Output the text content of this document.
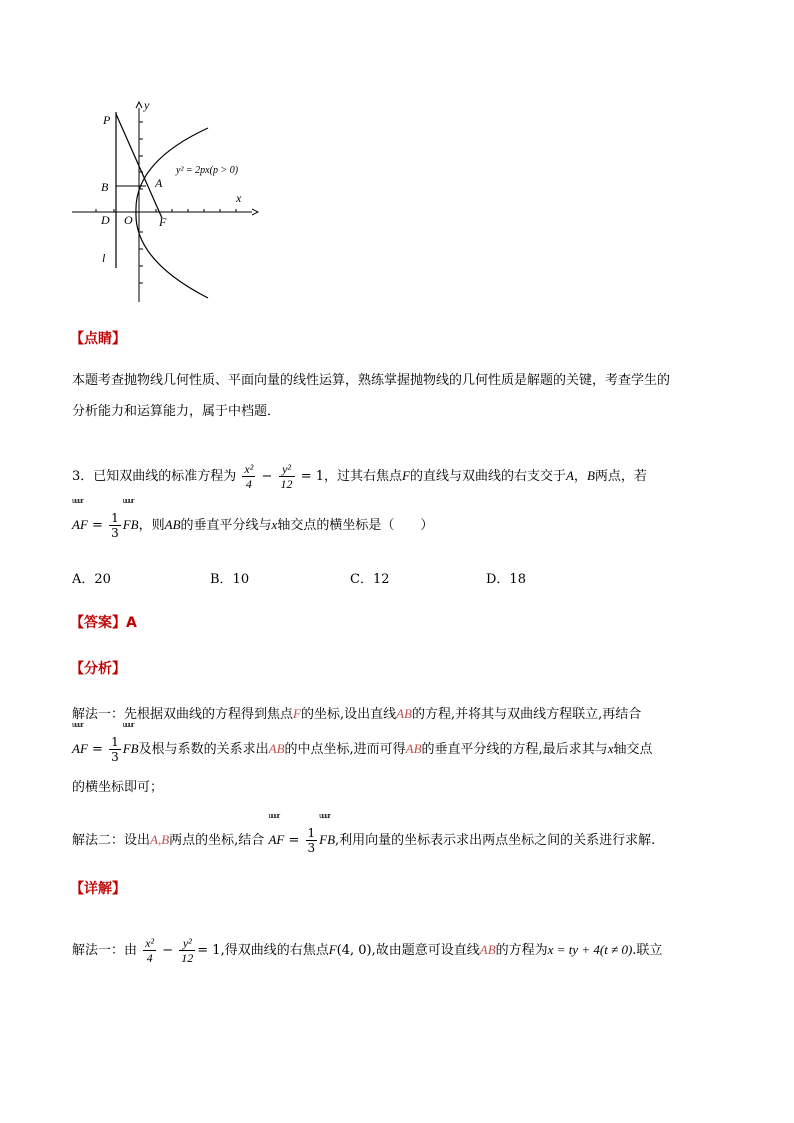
y
x
P
B	A
D O F
l
y² = 2px(p > 0)
【点睛】
本题考查抛物线几何性质、平面向量的线性运算，熟练掌握抛物线的几何性质是解题的关键，考查学生的
分析能力和运算能力，属于中档题．
3．已知双曲线的标准方程为 $\frac{\text{x²}}{4} - \frac{\text{y²}}{12} = 1$，过其右焦点F的直线与双曲线的右支交于A，B两点，若
uuur
AF = $\frac{1}{3}$
uuur
FB，则AB的垂直平分线与x轴交点的横坐标是（　　）
A．20	B．10	C．12	D．18
【答案】A
【分析】
解法一：先根据双曲线的方程得到焦点F的坐标,设出直线AB的方程,并将其与双曲线方程联立,再结合
uuur
AF = $\frac{1}{3}$
uuur
FB及根与系数的关系求出AB的中点坐标,进而可得AB的垂直平分线的方程,最后求其与x轴交点
的横坐标即可；
解法二：设出A,B两点的坐标,结合
uuur
AF = $\frac{1}{3}$
uuur
FB,利用向量的坐标表示求出两点坐标之间的关系进行求解.
【详解】
解法一：由 $\frac{\text{x²}}{4} - \frac{\text{y²}}{12} = 1$,得双曲线的右焦点F(4, 0),故由题意可设直线AB的方程为x = ty + 4(t ≠ 0).联立
